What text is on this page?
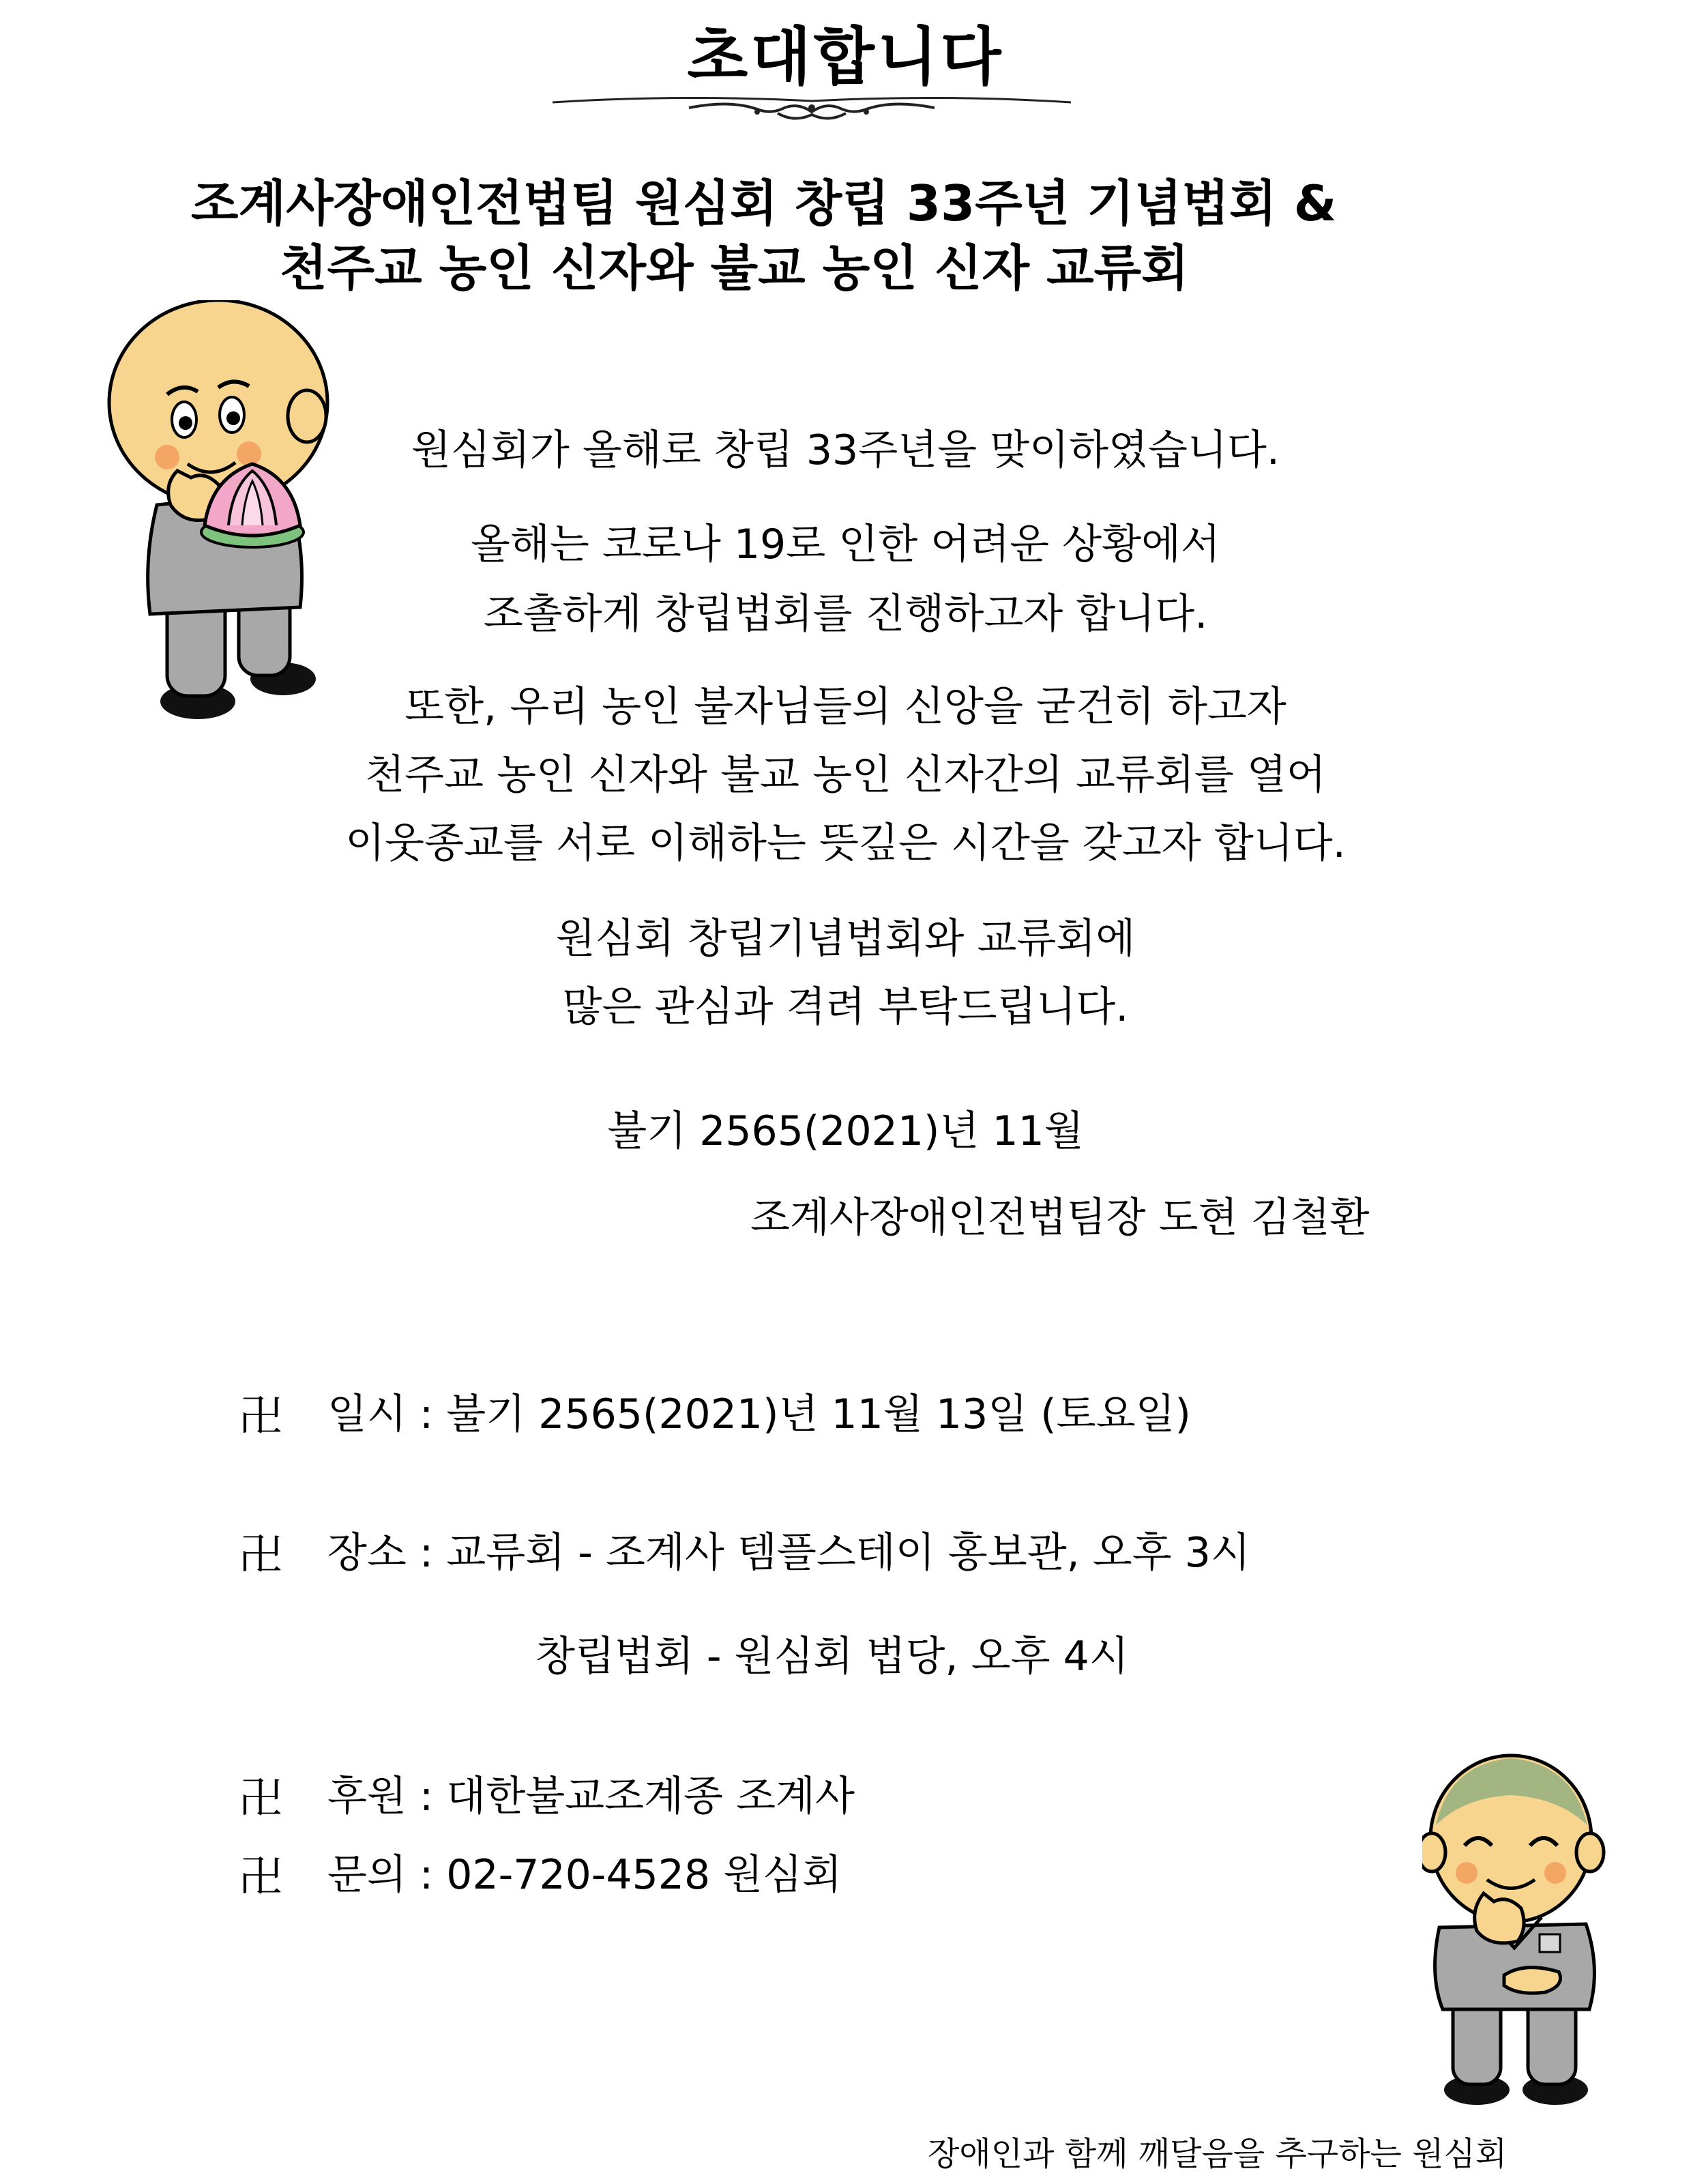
초대합니다
조계사장애인전법팀 원심회 창립 33주년 기념법회 &
천주교 농인 신자와 불교 농인 신자 교류회
원심회가 올해로 창립 33주년을 맞이하였습니다.
올해는 코로나 19로 인한 어려운 상황에서
조촐하게 창립법회를 진행하고자 합니다.
또한, 우리 농인 불자님들의 신앙을 굳건히 하고자
천주교 농인 신자와 불교 농인 신자간의 교류회를 열어
이웃종교를 서로 이해하는 뜻깊은 시간을 갖고자 합니다.
원심회 창립기념법회와 교류회에
많은 관심과 격려 부탁드립니다.
불기 2565(2021)년 11월
조계사장애인전법팀장 도현 김철환
卍 일시 : 불기 2565(2021)년 11월 13일 (토요일)
卍 장소 : 교류회 - 조계사 템플스테이 홍보관, 오후 3시
창립법회 - 원심회 법당, 오후 4시
卍 후원 : 대한불교조계종 조계사
卍 문의 : 02-720-4528 원심회
장애인과 함께 깨달음을 추구하는 원심회
